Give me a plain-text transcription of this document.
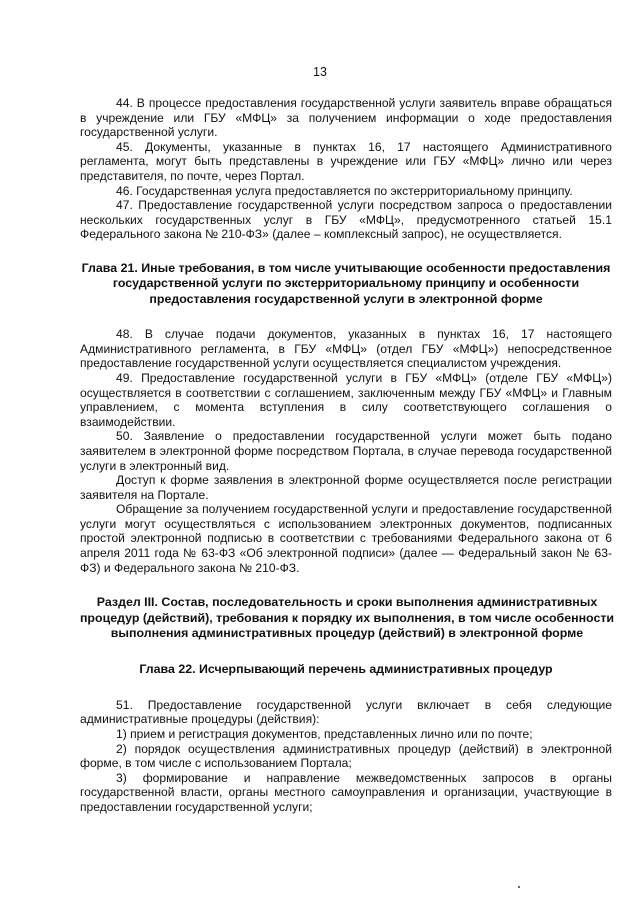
13

44. В процессе предоставления государственной услуги заявитель вправе обращаться в учреждение или ГБУ «МФЦ» за получением информации о ходе предоставления государственной услуги.

45. Документы, указанные в пунктах 16, 17 настоящего Административного регламента, могут быть представлены в учреждение или ГБУ «МФЦ» лично или через представителя, по почте, через Портал.

46. Государственная услуга предоставляется по экстерриториальному принципу.

47. Предоставление государственной услуги посредством запроса о предоставлении нескольких государственных услуг в ГБУ «МФЦ», предусмотренного статьей 15.1 Федерального закона № 210-ФЗ» (далее – комплексный запрос), не осуществляется.

Глава 21. Иные требования, в том числе учитывающие особенности предоставления государственной услуги по экстерриториальному принципу и особенности предоставления государственной услуги в электронной форме

48. В случае подачи документов, указанных в пунктах 16, 17 настоящего Административного регламента, в ГБУ «МФЦ» (отдел ГБУ «МФЦ») непосредственное предоставление государственной услуги осуществляется специалистом учреждения.

49. Предоставление государственной услуги в ГБУ «МФЦ» (отделе ГБУ «МФЦ») осуществляется в соответствии с соглашением, заключенным между ГБУ «МФЦ» и Главным управлением, с момента вступления в силу соответствующего соглашения о взаимодействии.

50. Заявление о предоставлении государственной услуги может быть подано заявителем в электронной форме посредством Портала, в случае перевода государственной услуги в электронный вид.

Доступ к форме заявления в электронной форме осуществляется после регистрации заявителя на Портале.

Обращение за получением государственной услуги и предоставление государственной услуги могут осуществляться с использованием электронных документов, подписанных простой электронной подписью в соответствии с требованиями Федерального закона от 6 апреля 2011 года № 63-ФЗ «Об электронной подписи» (далее — Федеральный закон № 63-ФЗ) и Федерального закона № 210-ФЗ.

Раздел III. Состав, последовательность и сроки выполнения административных процедур (действий), требования к порядку их выполнения, в том числе особенности выполнения административных процедур (действий) в электронной форме
Глава 22. Исчерпывающий перечень административных процедур

51. Предоставление государственной услуги включает в себя следующие административные процедуры (действия):

1) прием и регистрация документов, представленных лично или по почте;

2) порядок осуществления административных процедур (действий) в электронной форме, в том числе с использованием Портала;

3) формирование и направление межведомственных запросов в органы государственной власти, органы местного самоуправления и организации, участвующие в предоставлении государственной услуги;
